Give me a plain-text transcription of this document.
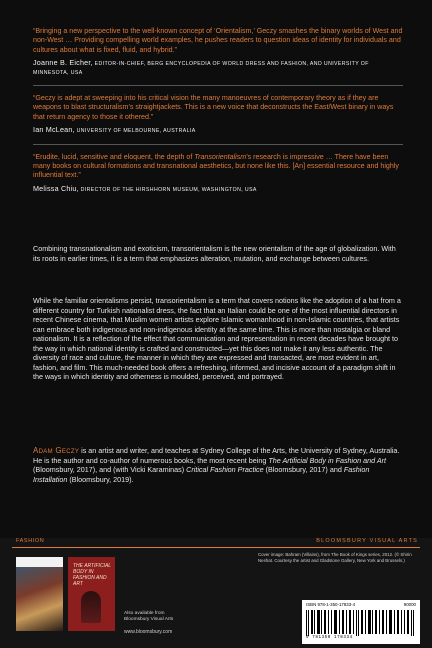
“Bringing a new perspective to the well-known concept of ‘Orientalism,’ Geczy smashes the binary worlds of West and non-West … Providing compelling world examples, he pushes readers to question ideas of identity for individuals and cultures about what is fixed, fluid, and hybrid.”
Joanne B. Eicher, EDITOR-IN-CHIEF, BERG ENCYCLOPEDIA OF WORLD DRESS AND FASHION, AND UNIVERSITY OF MINNESOTA, USA
“Geczy is adept at sweeping into his critical vision the many manoeuvres of contemporary theory as if they are weapons to blast structuralism’s straightjackets. This is a new voice that deconstructs the East/West binary in ways that return agency to those it othered.”
Ian McLean, UNIVERSITY OF MELBOURNE, AUSTRALIA
“Erudite, lucid, sensitive and eloquent, the depth of Transorientalism’s research is impressive … There have been many books on cultural formations and transnational aesthetics, but none like this. [An] essential resource and highly influential text.”
Melissa Chiu, DIRECTOR OF THE HIRSHHORN MUSEUM, WASHINGTON, USA
Combining transnationalism and exoticism, transorientalism is the new orientalism of the age of globalization. With its roots in earlier times, it is a term that emphasizes alteration, mutation, and exchange between cultures.
While the familiar orientalisms persist, transorientalism is a term that covers notions like the adoption of a hat from a different country for Turkish nationalist dress, the fact that an Italian could be one of the most influential directors in recent Chinese cinema, that Muslim women artists explore Islamic womanhood in non-Islamic countries, that artists can embrace both indigenous and non-indigenous identity at the same time. This is more than nostalgia or bland nationalism. It is a reflection of the effect that communication and representation in recent decades have brought to the way in which national identity is crafted and constructed—yet this does not make it any less authentic. The diversity of race and culture, the manner in which they are expressed and transacted, are most evident in art, fashion, and film. This much-needed book offers a refreshing, informed, and incisive account of a paradigm shift in the ways in which identity and otherness is moulded, perceived, and portrayed.
Adam Geczy is an artist and writer, and teaches at Sydney College of the Arts, the University of Sydney, Australia. He is the author and co-author of numerous books, the most recent being The Artificial Body in Fashion and Art (Bloomsbury, 2017), and (with Vicki Karaminas) Critical Fashion Practice (Bloomsbury, 2017) and Fashion Installation (Bloomsbury, 2019).
FASHION	BLOOMSBURY VISUAL ARTS
THE ARTIFICIAL BODY IN FASHION AND ART
Also available from Bloomsbury Visual Arts
www.bloomsbury.com
Cover image: Bahram (Villains), from The Book of Kings series, 2012. (© Shirin Neshat. Courtesy the artist and Gladstone Gallery, New York and Brussels.)
ISBN 978-1-350-17833-4	90000
9 781350 178334
